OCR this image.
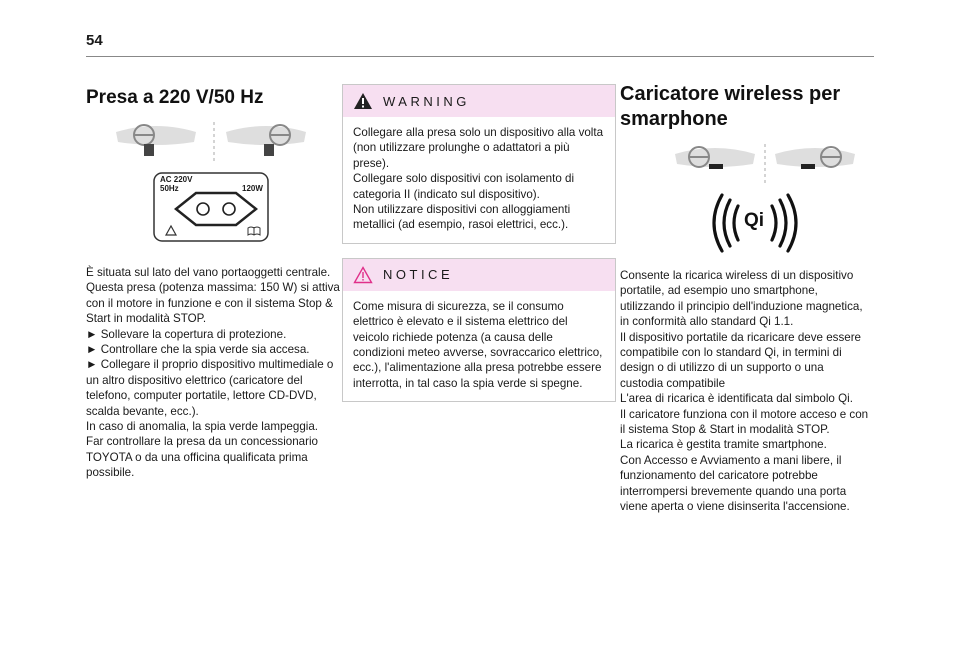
54
Presa a 220 V/50 Hz
AC 220V
50Hz	120W

È situata sul lato del vano portaoggetti centrale.
Questa presa (potenza massima: 150 W) si attiva con il motore in funzione e con il sistema Stop & Start in modalità STOP.
► Sollevare la copertura di protezione.
► Controllare che la spia verde sia accesa.
► Collegare il proprio dispositivo multimediale o un altro dispositivo elettrico (caricatore del telefono, computer portatile, lettore CD-DVD, scalda bevante, ecc.).
In caso di anomalia, la spia verde lampeggia.
Far controllare la presa da un concessionario TOYOTA o da una officina qualificata prima possibile.

WARNING

Collegare alla presa solo un dispositivo alla volta (non utilizzare prolunghe o adattatori a più prese).
Collegare solo dispositivi con isolamento di categoria II (indicato sul dispositivo).
Non utilizzare dispositivi con alloggiamenti metallici (ad esempio, rasoi elettrici, ecc.).

NOTICE

Come misura di sicurezza, se il consumo elettrico è elevato e il sistema elettrico del veicolo richiede potenza (a causa delle condizioni meteo avverse, sovraccarico elettrico, ecc.), l'alimentazione alla presa potrebbe essere interrotta, in tal caso la spia verde si spegne.

Caricatore wireless per smarphone
Qi

Consente la ricarica wireless di un dispositivo portatile, ad esempio uno smartphone, utilizzando il principio dell'induzione magnetica, in conformità allo standard Qi 1.1.
Il dispositivo portatile da ricaricare deve essere compatibile con lo standard Qi, in termini di design o di utilizzo di un supporto o una custodia compatibile
L'area di ricarica è identificata dal simbolo Qi.
Il caricatore funziona con il motore acceso e con il sistema Stop & Start in modalità STOP.
La ricarica è gestita tramite smartphone.
Con Accesso e Avviamento a mani libere, il funzionamento del caricatore potrebbe interrompersi brevemente quando una porta viene aperta o viene disinserita l'accensione.
